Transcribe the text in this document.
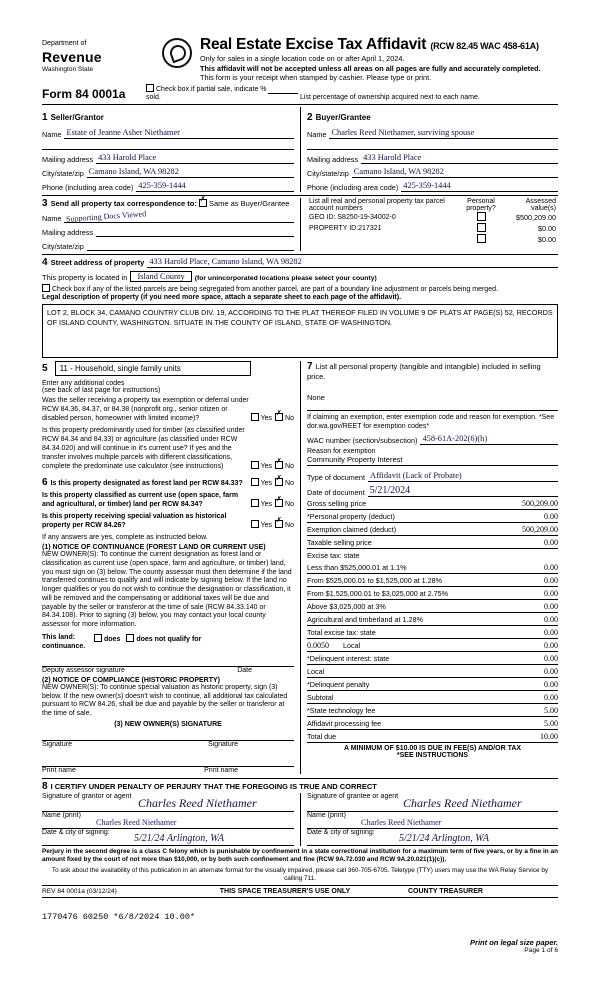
Department of
Revenue
Washington State
Real Estate Excise Tax Affidavit (RCW 82.45 WAC 458-61A)
Only for sales in a single location code on or after April 1, 2024.
This affidavit will not be accepted unless all areas on all pages are fully and accurately completed.
This form is your receipt when stamped by cashier. Please type or print.
Form 84 0001a	Check box if partial sale, indicate %   sold.	List percentage of ownership acquired next to each name.
1 Seller/Grantor
Name Estate of Jeanne Asher Niethamer
Mailing address 433 Harold Place
City/state/zip Camano Island, WA 98282
Phone (including area code) 425-359-1444
2 Buyer/Grantee
Name Charles Reed Niethamer, surviving spouse
Mailing address 433 Harold Place
City/state/zip Camano Island, WA 98282
Phone (including area code) 425-359-1444
3 Send all property tax correspondence to: ✗ Same as Buyer/Grantee
Name Supporting Docs Viewed
Mailing address
City/state/zip
List all real and personal property tax parcel account numbers	Personal property?	Assessed value(s)
GEO ID: S8250-19-34002-0		$500,209.00
PROPERTY ID:217321		$0.00
		$0.00
4 Street address of property 433 Harold Place, Camano Island, WA 98282
This property is located in	Island County	(for unincorporated locations please select your county)
Check box if any of the listed parcels are being segregated from another parcel, are part of a boundary line adjustment or parcels being merged.
Legal description of property (if you need more space, attach a separate sheet to each page of the affidavit).
LOT 2, BLOCK 34, CAMANO COUNTRY CLUB DIV. 19, ACCORDING TO THE PLAT THEREOF FILED IN VOLUME 9 OF PLATS AT PAGE(S) 52, RECORDS OF ISLAND COUNTY, WASHINGTON. SITUATE IN THE COUNTY OF ISLAND, STATE OF WASHINGTON.
5	11 - Household, single family units
Enter any additional codes
(see back of last page for instructions)
Was the seller receiving a property tax exemption or deferral under RCW 84.36, 84.37, or 84.38 (nonprofit org., senior citizen or disabled person, homeowner with limited income)?	Yes ✗ No
Is this property predominantly used for timber (as classified under RCW 84.34 and 84.33) or agriculture (as classified under RCW 84.34.020) and will continue in it's current use? If yes and the transfer involves multiple parcels with different classifications, complete the predominate use calculator (see instructions)	Yes ✗ No
6 Is this property designated as forest land per RCW 84.33?	Yes ✗ No
Is this property classified as current use (open space, farm and agricultural, or timber) land per RCW 84.34?	Yes ✗ No
Is this property receiving special valuation as historical property per RCW 84.26?	Yes ✗ No
If any answers are yes, complete as instructed below.
(1) NOTICE OF CONTINUANCE (FOREST LAND OR CURRENT USE)
NEW OWNER(S): To continue the current designation as forest land or classification as current use (open space, farm and agriculture, or timber) land, you must sign on (3) below. The county assessor must then determine if the land transferred continues to qualify and will indicate by signing below. If the land no longer qualifies or you do not wish to continue the designation or classification, it will be removed and the compensating or additional taxes will be due and payable by the seller or transferor at the time of sale (RCW 84.33.140 or 84.34.108). Prior to signing (3) below, you may contact your local county assessor for more information.
This land:	does	does not qualify for
continuance.
Deputy assessor signature	Date
(2) NOTICE OF COMPLIANCE (HISTORIC PROPERTY)
NEW OWNER(S): To continue special valuation as historic property, sign (3) below. If the new owner(s) doesn't wish to continue, all additional tax calculated pursuant to RCW 84.26, shall be due and payable by the seller or transferor at the time of sale.
(3) NEW OWNER(S) SIGNATURE
Signature	Signature
Print name	Print name
7 List all personal property (tangible and intangible) included in selling price.
None
If claiming an exemption, enter exemption code and reason for exemption. *See dor.wa.gov/REET for exemption codes*
WAC number (section/subsection) 458-61A-202(6)(h)
Reason for exemption
Community Property Interest
Type of document Affidavit (Lack of Probate)
Date of document 5/21/2024
Gross selling price	500,209.00
*Personal property (deduct)	0.00
Exemption claimed (deduct)	500,209.00
Taxable selling price	0.00
Excise tax: state
Less than $525,000.01 at 1.1%	0.00
From $525,000.01 to $1,525,000 at 1.28%	0.00
From $1,525,000.01 to $3,025,000 at 2.75%	0.00
Above $3,025,000 at 3%	0.00
Agricultural and timberland at 1.28%	0.00
Total excise tax: state	0.00
0.0050 Local	0.00
*Delinquent interest: state	0.00
Local	0.00
*Delinquent penalty	0.00
Subtotal	0.00
*State technology fee	5.00
Affidavit processing fee	5.00
Total due	10.00
A MINIMUM OF $10.00 IS DUE IN FEE(S) AND/OR TAX
*SEE INSTRUCTIONS
8 I CERTIFY UNDER PENALTY OF PERJURY THAT THE FOREGOING IS TRUE AND CORRECT
Signature of grantor or agent Charles Reed Niethamer
Name (print)
Charles Reed Niethamer
Date & city of signing:
5/21/24 Arlington, WA
Signature of grantee or agent Charles Reed Niethamer
Name (print)
Charles Reed Niethamer
Date & city of signing:
5/21/24 Arlington, WA
Perjury in the second degree is a class C felony which is punishable by confinement in a state correctional institution for a maximum term of five years, or by a fine in an amount fixed by the court of not more than $10,000, or by both such confinement and fine (RCW 9A.72.030 and RCW 9A.20.021(1)(c)).
To ask about the availability of this publication in an alternate format for the visually impaired, please call 360-705-6705. Teletype (TTY) users may use the WA Relay Service by calling 711.
REV 84 0001a (03/12/24)	THIS SPACE TREASURER'S USE ONLY	COUNTY TREASURER
1770476 60250 *6/8/2024 10.00*
Print on legal size paper.
Page 1 of 6
